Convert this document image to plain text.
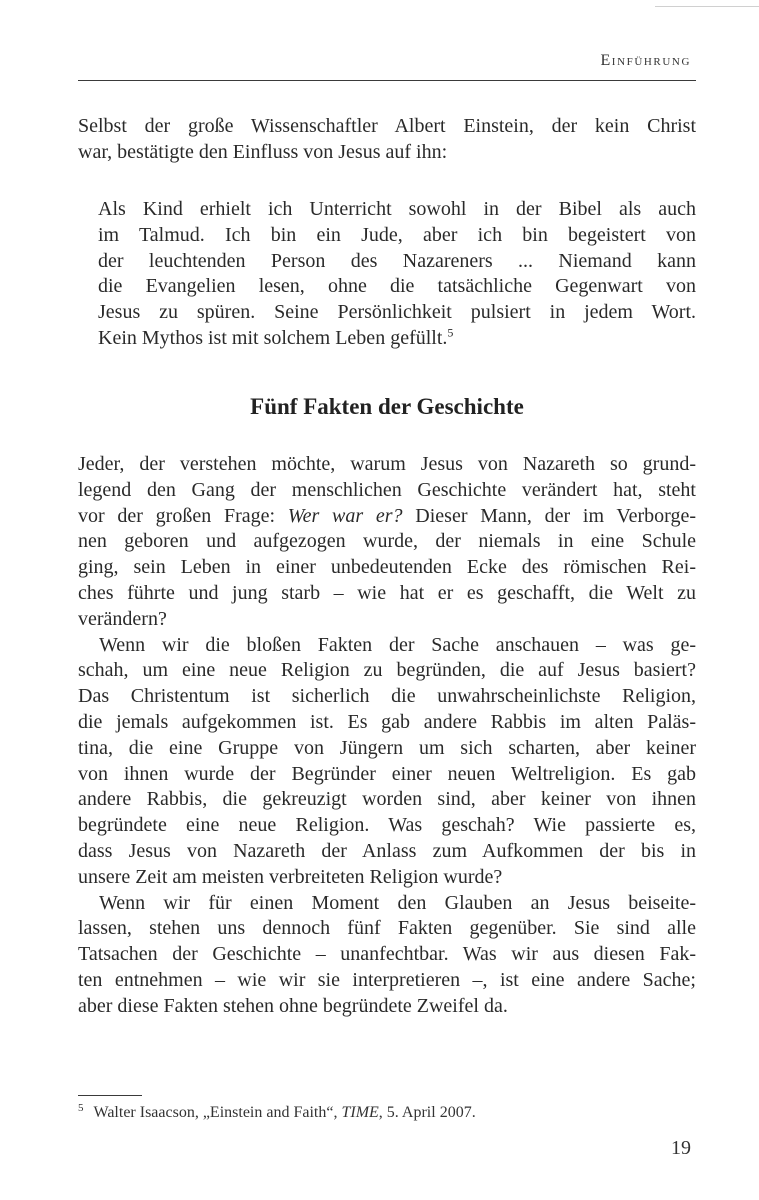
Einführung
Selbst der große Wissenschaftler Albert Einstein, der kein Christ
war, bestätigte den Einfluss von Jesus auf ihn:
Als Kind erhielt ich Unterricht sowohl in der Bibel als auch
im Talmud. Ich bin ein Jude, aber ich bin begeistert von
der leuchtenden Person des Nazareners ... Niemand kann
die Evangelien lesen, ohne die tatsächliche Gegenwart von
Jesus zu spüren. Seine Persönlichkeit pulsiert in jedem Wort.
Kein Mythos ist mit solchem Leben gefüllt.$^5$
Fünf Fakten der Geschichte
Jeder, der verstehen möchte, warum Jesus von Nazareth so grund-
legend den Gang der menschlichen Geschichte verändert hat, steht
vor der großen Frage: Wer war er? Dieser Mann, der im Verborge-
nen geboren und aufgezogen wurde, der niemals in eine Schule
ging, sein Leben in einer unbedeutenden Ecke des römischen Rei-
ches führte und jung starb – wie hat er es geschafft, die Welt zu
verändern?
Wenn wir die bloßen Fakten der Sache anschauen – was ge-
schah, um eine neue Religion zu begründen, die auf Jesus basiert?
Das Christentum ist sicherlich die unwahrscheinlichste Religion,
die jemals aufgekommen ist. Es gab andere Rabbis im alten Paläs-
tina, die eine Gruppe von Jüngern um sich scharten, aber keiner
von ihnen wurde der Begründer einer neuen Weltreligion. Es gab
andere Rabbis, die gekreuzigt worden sind, aber keiner von ihnen
begründete eine neue Religion. Was geschah? Wie passierte es,
dass Jesus von Nazareth der Anlass zum Aufkommen der bis in
unsere Zeit am meisten verbreiteten Religion wurde?
Wenn wir für einen Moment den Glauben an Jesus beiseite-
lassen, stehen uns dennoch fünf Fakten gegenüber. Sie sind alle
Tatsachen der Geschichte – unanfechtbar. Was wir aus diesen Fak-
ten entnehmen – wie wir sie interpretieren –, ist eine andere Sache;
aber diese Fakten stehen ohne begründete Zweifel da.
$^5$ Walter Isaacson, „Einstein and Faith“, TIME, 5. April 2007.
19
